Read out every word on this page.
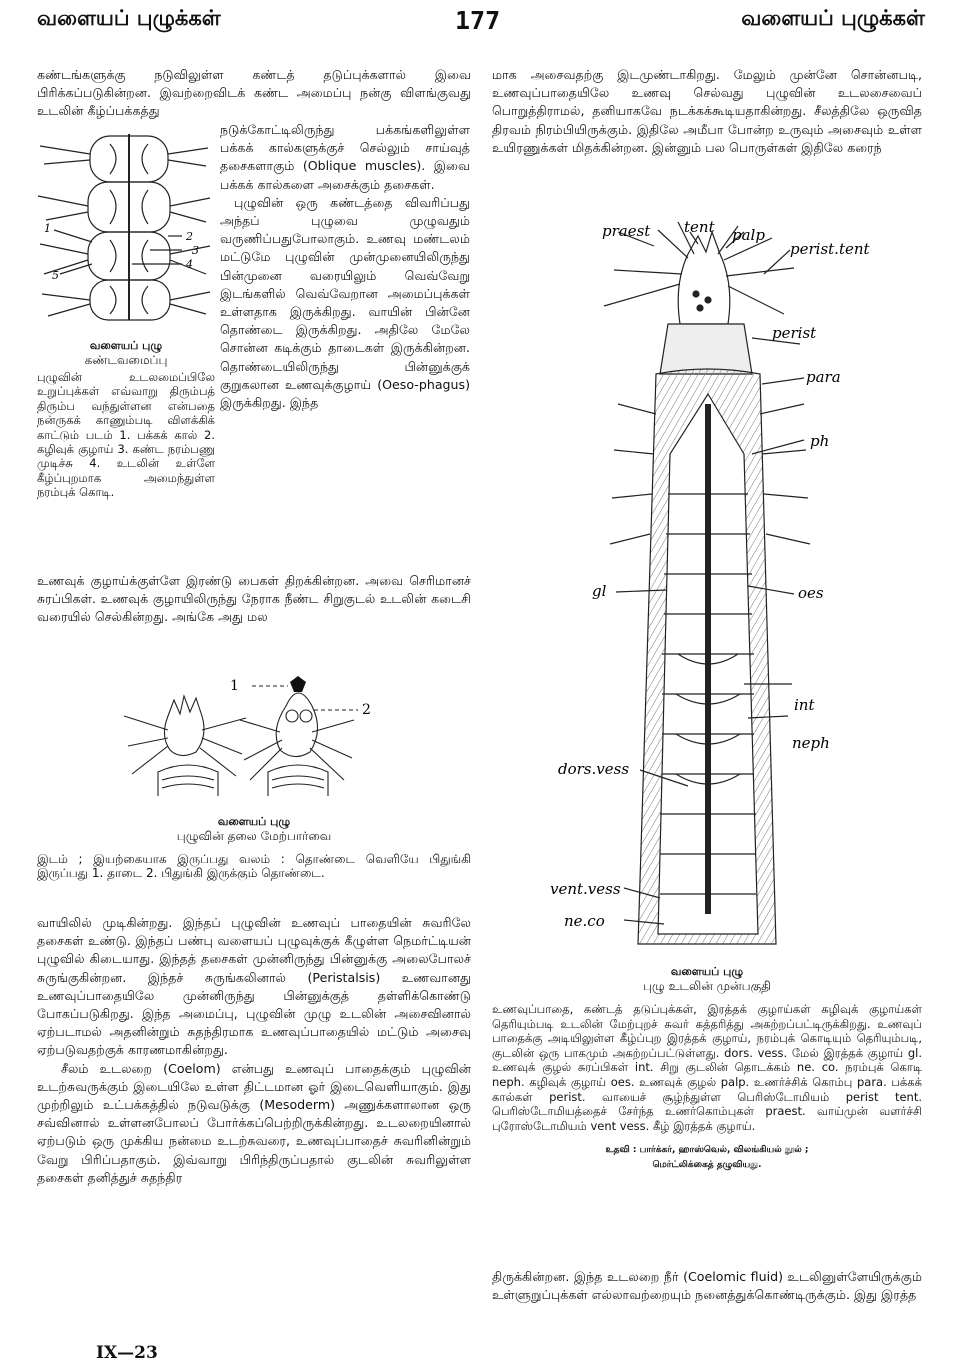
வளையப் புழுக்கள்	177	வளையப் புழுக்கள்

கண்டங்களுக்கு நடுவிலுள்ள கண்டத் தடுப்புக்களால் இவை பிரிக்கப்படுகின்றன. இவற்றைவிடக் கண்ட அமைப்பு நன்கு விளங்குவது உடலின் கீழ்ப்பக்கத்து

1
2
3
4
5

நடுக்கோட்டிலிருந்து பக்கங்களிலுள்ள பக்கக் கால்களுக்குச் செல்லும் சாய்வுத் தசைகளாகும் (Oblique muscles). இவை பக்கக் கால்களை அசைக்கும் தசைகள்.

புழுவின் ஒரு கண்டத்தை விவரிப்பது அந்தப் புழுவை முழுவதும் வருணிப்பதுபோலாகும். உணவு மண்டலம் மட்டுமே புழுவின் முன்முனையிலிருந்து பின்முனை வரையிலும் வெவ்வேறு இடங்களில் வெவ்வேறான அமைப்புக்கள் உள்ளதாக இருக்கிறது. வாயின் பின்னே தொண்டை இருக்கிறது. அதிலே மேலே சொன்ன கடிக்கும் தாடைகள் இருக்கின்றன. தொண்டையிலிருந்து பின்னுக்குக் குறுகலான உணவுக்குழாய் (Oeso-phagus) இருக்கிறது. இந்த

வளையப் புழு
கண்டவமைப்பு

புழுவின் உடலமைப்பிலே உறுப்புக்கள் எவ்வாறு திரும்பத் திரும்ப வந்துள்ளன என்பதை நன்ருகக் காணும்படி விளக்கிக் காட்டும் படம் 1. பக்கக் கால் 2. கழிவுக் குழாய் 3. கண்ட நரம்பணு முடிச்சு 4. உடலின் உள்ளே கீழ்ப்புறமாக அமைந்துள்ள நரம்புக் கொடி.

உணவுக் குழாய்க்குள்ளே இரண்டு பைகள் திறக்கின்றன. அவை செரிமானச் சுரப்பிகள். உணவுக் குழாயிலிருந்து நேராக நீண்ட சிறுகுடல் உடலின் கடைசி வரையில் செல்கின்றது. அங்கே அது மல

1
2
வளையப் புழு
புழுவின் தலை மேற்பார்வை

இடம் ; இயற்கையாக இருப்பது வலம் : தொண்டை வெளியே பிதுங்கி இருப்பது 1. தாடை 2. பிதுங்கி இருக்கும் தொண்டை.

வாயிலில் முடிகின்றது. இந்தப் புழுவின் உணவுப் பாதையின் சுவரிலே தசைகள் உண்டு. இந்தப் பண்பு வளையப் புழுவுக்குக் கீழுள்ள நெமர்ட்டியன் புழுவில் கிடையாது. இந்தத் தசைகள் முன்னிருந்து பின்னுக்கு அலைபோலச் சுருங்குகின்றன. இந்தச் சுருங்கலினால் (Peristalsis) உணவானது உணவுப்பாதையிலே முன்னிருந்து பின்னுக்குத் தள்ளிக்கொண்டு போகப்படுகிறது. இந்த அமைப்பு, புழுவின் முழு உடலின் அசைவினால் ஏற்படாமல் அதனின்றும் சுதந்திரமாக உணவுப்பாதையில் மட்டும் அசைவு ஏற்படுவதற்குக் காரணமாகின்றது.

சீலம் உடலறை (Coelom) என்பது உணவுப் பாதைக்கும் புழுவின் உடற்சுவருக்கும் இடையிலே உள்ள திட்டமான ஓர் இடைவெளியாகும். இது முற்றிலும் உட்பக்கத்தில் நடுவடுக்கு (Mesoderm) அணுக்களாலான ஒரு சவ்வினால் உள்ளனபோலப் போர்க்கப்பெற்றிருக்கின்றது. உடலறையினால் ஏற்படும் ஒரு முக்கிய நன்மை உடற்சுவரை, உணவுப்பாதைச் சுவரினின்றும் வேறு பிரிப்பதாகும். இவ்வாறு பிரிந்திருப்பதால் குடலின் சுவரிலுள்ள தசைகள் தனித்துச் சுதந்திர

IX—23

மாக அசைவதற்கு இடமுண்டாகிறது. மேலும் முன்னே சொன்னபடி, உணவுப்பாதையிலே உணவு செல்வது புழுவின் உடலசைவைப் பொறுத்திராமல், தனியாகவே நடக்கக்கூடியதாகின்றது. சீலத்திலே ஒருவித திரவம் நிரம்பியிருக்கும். இதிலே அமீபா போன்ற உருவும் அசைவும் உள்ள உயிரணுக்கள் மிதக்கின்றன. இன்னும் பல பொருள்கள் இதிலே கரைந்

praest tent palp
perist.tent
perist
para
ph
gl	oes
int
neph
dors.vess
vent.vess
ne.co
வளையப் புழு
புழு உடலின் முன்பகுதி

உணவுப்பாதை, கண்டத் தடுப்புக்கள், இரத்தக் குழாய்கள் கழிவுக் குழாய்கள் தெரியும்படி உடலின் மேற்புறச் சுவர் கத்தரித்து அகற்றப்பட்டிருக்கிறது. உணவுப் பாதைக்கு அடியிலுள்ள கீழ்ப்புற இரத்தக் குழாய், நரம்புக் கொடியும் தெரியும்படி, குடலின் ஒரு பாகமும் அகற்றப்பட்டுள்ளது. dors. vess. மேல் இரத்தக் குழாய் gl. உணவுக் குழல் சுரப்பிகள் int. சிறு குடலின் தொடக்கம் ne. co. நரம்புக் கொடி neph. கழிவுக் குழாய் oes. உணவுக் குழல் palp. உணர்ச்சிக் கொம்பு para. பக்கக் கால்கள் perist. வாயைச் சூழ்ந்துள்ள பெரிஸ்டோமியம் perist tent. பெரிஸ்டோமியத்தைச் சேர்ந்த உணர்கொம்புகள் praest. வாய்முன் வளர்ச்சி புரோஸ்டோமியம் vent vess. கீழ் இரத்தக் குழாய்.

உதவி : பார்க்கர், ஹாஸ்வெல், விலங்கியல் நூல் ;
மெர்ட்லிக்கைத் தழுவியது.

திருக்கின்றன. இந்த உடலறை நீர் (Coelomic fluid) உடலினுள்ளேயிருக்கும் உள்ளுறுப்புக்கள் எல்லாவற்றையும் நனைத்துக்கொண்டிருக்கும். இது இரத்த
